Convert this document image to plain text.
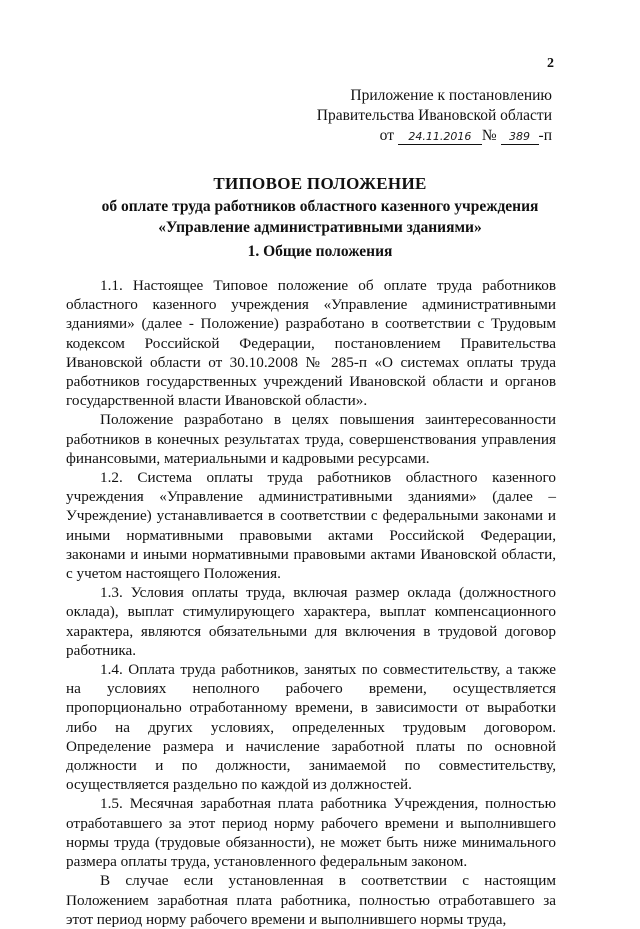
2
Приложение к постановлению
Правительства Ивановской области
от 24.11.2016 № 389 -п
ТИПОВОЕ ПОЛОЖЕНИЕ
об оплате труда работников областного казенного учреждения
«Управление административными зданиями»
1. Общие положения

1.1. Настоящее Типовое положение об оплате труда работников областного казенного учреждения «Управление административными зданиями» (далее - Положение) разработано в соответствии с Трудовым кодексом Российской Федерации, постановлением Правительства Ивановской области от 30.10.2008 № 285-п «О системах оплаты труда работников государственных учреждений Ивановской области и органов государственной власти Ивановской области».

Положение разработано в целях повышения заинтересованности работников в конечных результатах труда, совершенствования управления финансовыми, материальными и кадровыми ресурсами.

1.2. Система оплаты труда работников областного казенного учреждения «Управление административными зданиями» (далее – Учреждение) устанавливается в соответствии с федеральными законами и иными нормативными правовыми актами Российской Федерации, законами и иными нормативными правовыми актами Ивановской области, с учетом настоящего Положения.

1.3. Условия оплаты труда, включая размер оклада (должностного оклада), выплат стимулирующего характера, выплат компенсационного характера, являются обязательными для включения в трудовой договор работника.

1.4. Оплата труда работников, занятых по совместительству, а также на условиях неполного рабочего времени, осуществляется пропорционально отработанному времени, в зависимости от выработки либо на других условиях, определенных трудовым договором. Определение размера и начисление заработной платы по основной должности и по должности, занимаемой по совместительству, осуществляется раздельно по каждой из должностей.

1.5. Месячная заработная плата работника Учреждения, полностью отработавшего за этот период норму рабочего времени и выполнившего нормы труда (трудовые обязанности), не может быть ниже минимального размера оплаты труда, установленного федеральным законом.

В случае если установленная в соответствии с настоящим Положением заработная плата работника, полностью отработавшего за этот период норму рабочего времени и выполнившего нормы труда,
